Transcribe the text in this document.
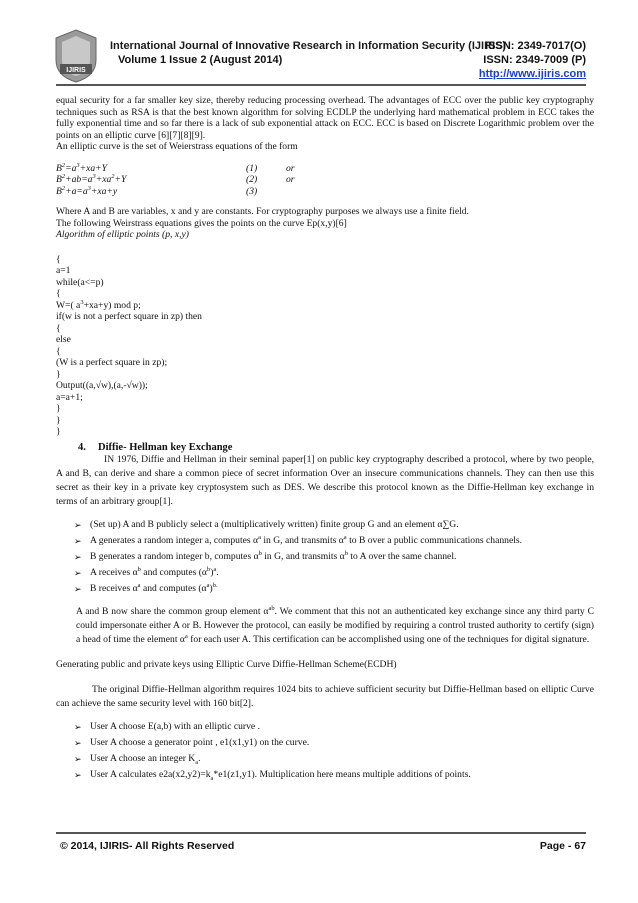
IJIRIS
International Journal of Innovative Research in Information Security (IJIRIS)
Volume 1 Issue 2 (August 2014)
ISSN: 2349-7017(O)
ISSN: 2349-7009 (P)
http://www.ijiris.com

equal security for a far smaller key size, thereby reducing processing overhead. The advantages of ECC over the public key cryptography techniques such as RSA is that the best known algorithm for solving ECDLP the underlying hard mathematical problem in ECC takes the fully exponential time and so far there is a lack of sub exponential attack on ECC. ECC is based on Discrete Logarithmic problem over the points on an elliptic curve [6][7][8][9].

An elliptic curve is the set of Weierstrass equations of the form

$B^2=a^3+xa+Y$	(1)	or
$B^2+ab=a^3+xa^2+Y$	(2)	or
$B^2+a=a^3+xa+y$	(3)

Where A and B are variables, x and y are constants. For cryptography purposes we always use a finite field.

The following Weirstrass equations gives the points on the curve Ep(x,y)[6]

Algorithm of elliptic points (p, x,y)

{
a=1
while(a<=p)
{
W=( $a^3+xa+y$) mod p;
if(w is not a perfect square in zp) then
{
else
{
(W is a perfect square in zp);
}
Output((a,√w),(a,-√w));
a=a+1;
}
}
}
4. Diffie- Hellman key Exchange

IN 1976, Diffie and Hellman in their seminal paper[1] on public key cryptography described a protocol, where by two people, A and B, can derive and share a common piece of secret information Over an insecure communications channels. They can then use this secret as their key in a private key cryptosystem such as DES. We describe this protocol known as the Diffie-Hellman key exchange in terms of an arbitrary group[1].

➢ (Set up) A and B publicly select a (multiplicatively written) finite group G and an element α∑G.
➢ A generates a random integer a, computes $\alpha^a$ in G, and transmits $\alpha^a$ to B over a public communications channels.
➢ B generates a random integer b, computes $\alpha^b$ in G, and transmits $\alpha^b$ to A over the same channel.
➢ A receives $\alpha^b$ and computes $(\alpha^b)^a$.
➢ B receives $\alpha^a$ and computes $(\alpha^a)^{b.}$

A and B now share the common group element $\alpha^{ab}$. We comment that this not an authenticated key exchange since any third party C could impersonate either A or B. However the protocol, can easily be modified by requiring a control trusted authority to certify (sign) a head of time the element $\alpha^a$ for each user A. This certification can be accomplished using one of the techniques for digital signature.

Generating public and private keys using Elliptic Curve Diffie-Hellman Scheme(ECDH)

The original Diffie-Hellman algorithm requires 1024 bits to achieve sufficient security but Diffie-Hellman based on elliptic Curve can achieve the same security level with 160 bit[2].

➢ User A choose E(a,b) with an elliptic curve .
➢ User A choose a generator point , e1(x1,y1) on the curve.
➢ User A choose an integer $K_a$.
➢ User A calculates $e2a(x2,y2)=k_a*e1(z1,y1)$. Multiplication here means multiple additions of points.
© 2014, IJIRIS- All Rights Reserved	Page - 67
